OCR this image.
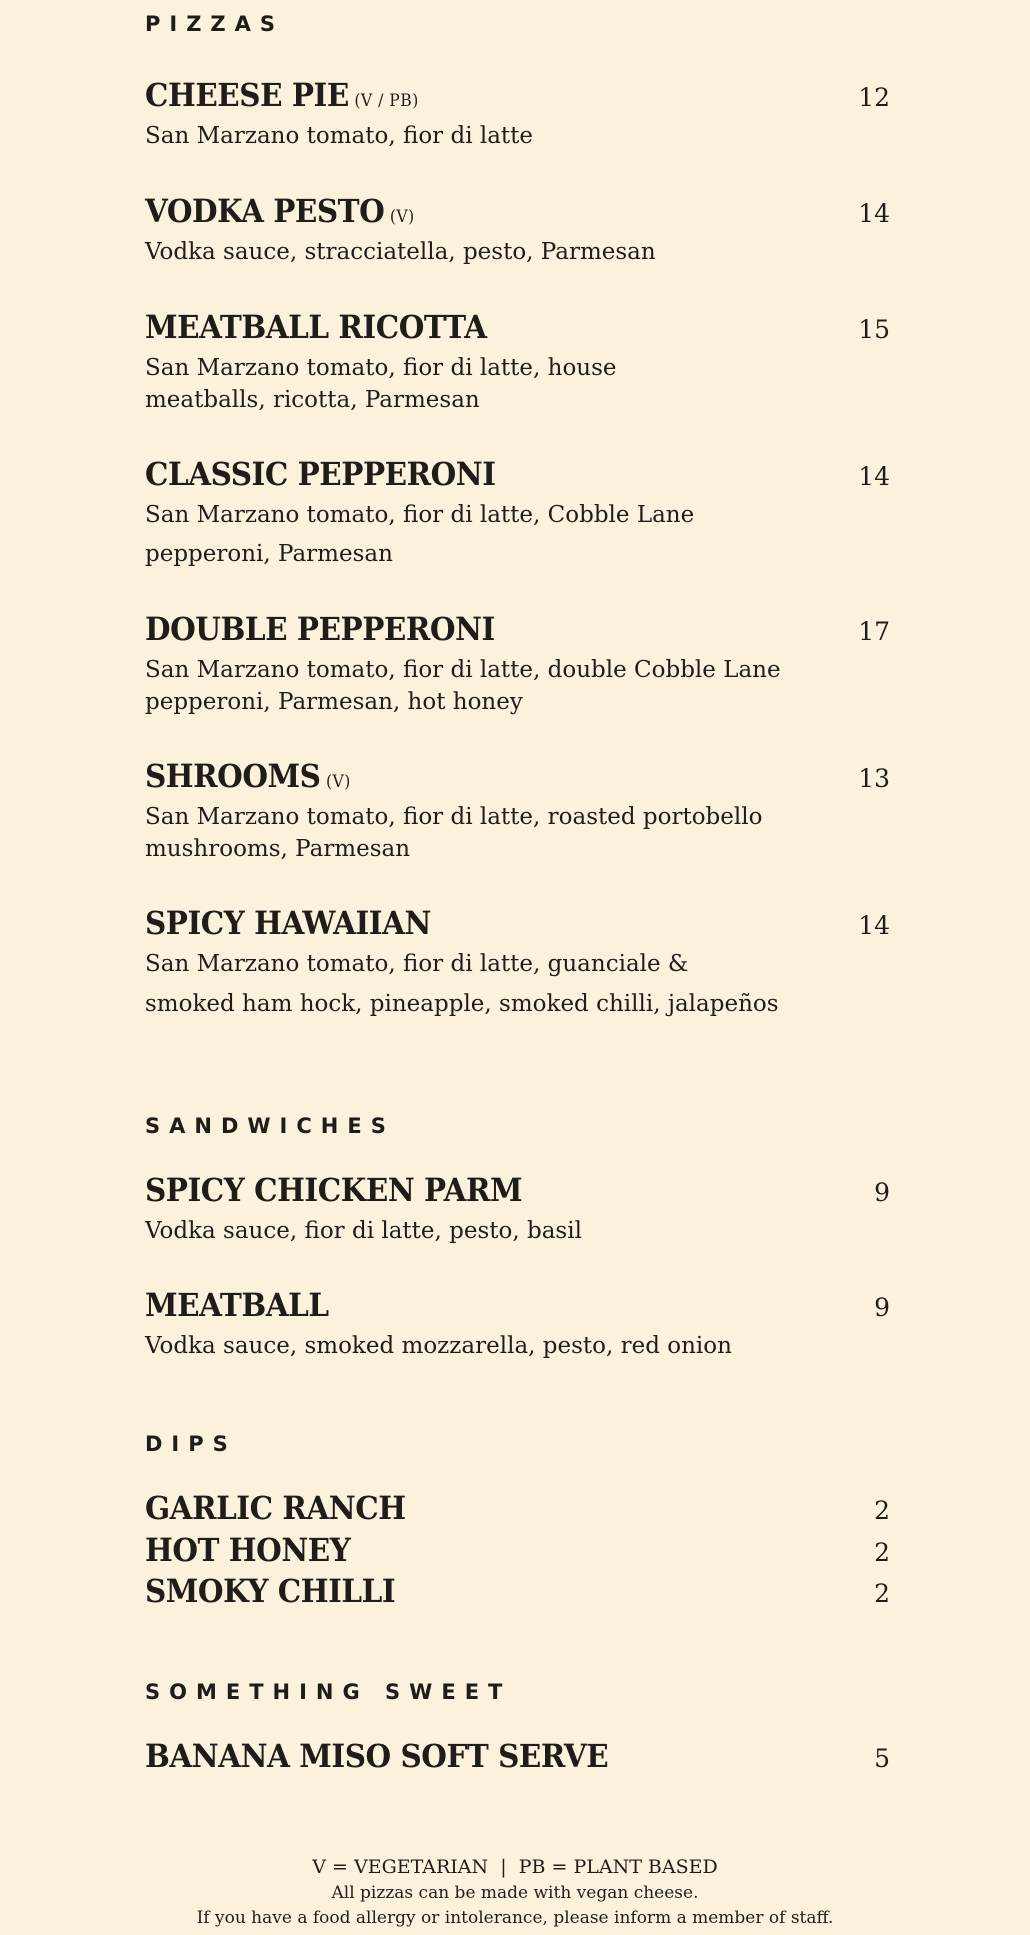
PIZZAS
CHEESE PIE (V / PB)	12
San Marzano tomato, fior di latte
VODKA PESTO (V)	14
Vodka sauce, stracciatella, pesto, Parmesan
MEATBALL RICOTTA	15
San Marzano tomato, fior di latte, house
meatballs, ricotta, Parmesan
CLASSIC PEPPERONI	14
San Marzano tomato, fior di latte, Cobble Lane
pepperoni, Parmesan
DOUBLE PEPPERONI	17
San Marzano tomato, fior di latte, double Cobble Lane
pepperoni, Parmesan, hot honey
SHROOMS (V)	13
San Marzano tomato, fior di latte, roasted portobello
mushrooms, Parmesan
SPICY HAWAIIAN	14
San Marzano tomato, fior di latte, guanciale &
smoked ham hock, pineapple, smoked chilli, jalapeños
SANDWICHES
SPICY CHICKEN PARM	9
Vodka sauce, fior di latte, pesto, basil
MEATBALL	9
Vodka sauce, smoked mozzarella, pesto, red onion
DIPS
GARLIC RANCH	2
HOT HONEY	2
SMOKY CHILLI	2
SOMETHING SWEET
BANANA MISO SOFT SERVE	5
V = VEGETARIAN  |  PB = PLANT BASED
All pizzas can be made with vegan cheese.
If you have a food allergy or intolerance, please inform a member of staff.
